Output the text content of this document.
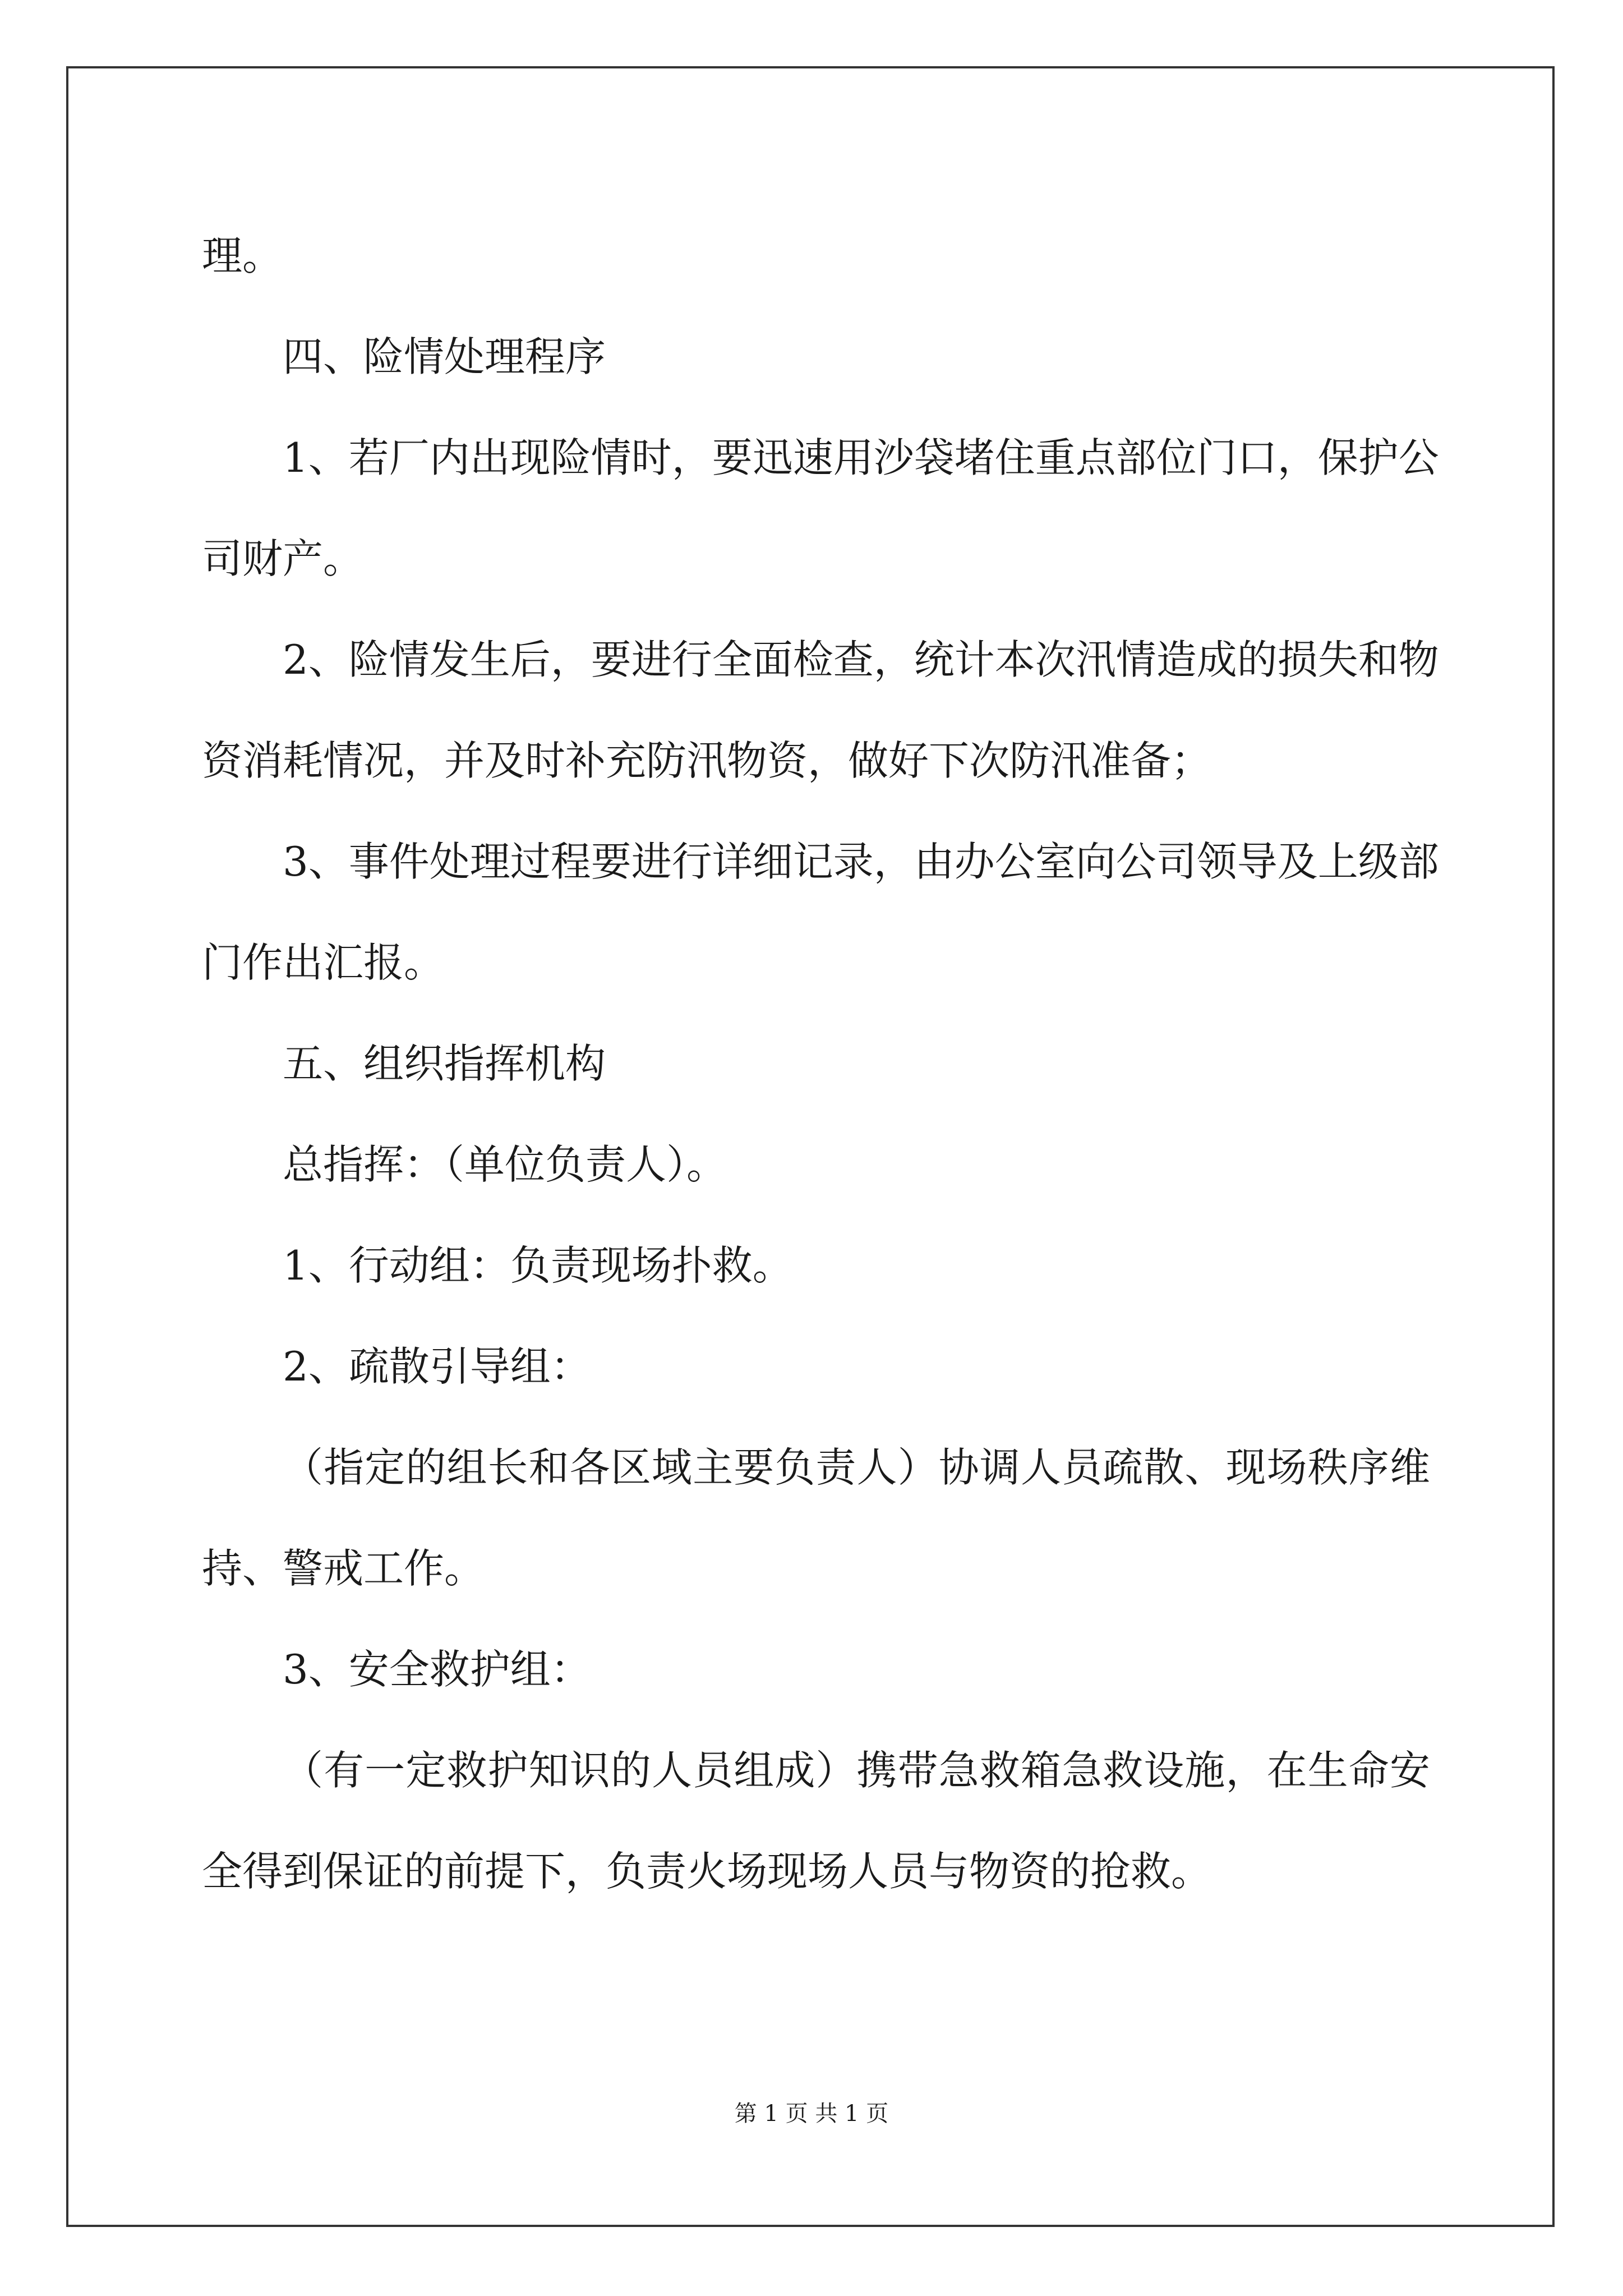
理。
四、险情处理程序
1、若厂内出现险情时，要迅速用沙袋堵住重点部位门口，保护公
司财产。
2、险情发生后，要进行全面检查，统计本次汛情造成的损失和物
资消耗情况，并及时补充防汛物资，做好下次防汛准备；
3、事件处理过程要进行详细记录，由办公室向公司领导及上级部
门作出汇报。
五、组织指挥机构
总指挥：（单位负责人）。
1、行动组：负责现场扑救。
2、疏散引导组：
（指定的组长和各区域主要负责人）协调人员疏散、现场秩序维
持、警戒工作。
3、安全救护组：
（有一定救护知识的人员组成）携带急救箱急救设施，在生命安
全得到保证的前提下，负责火场现场人员与物资的抢救。
第 1 页 共 1 页
